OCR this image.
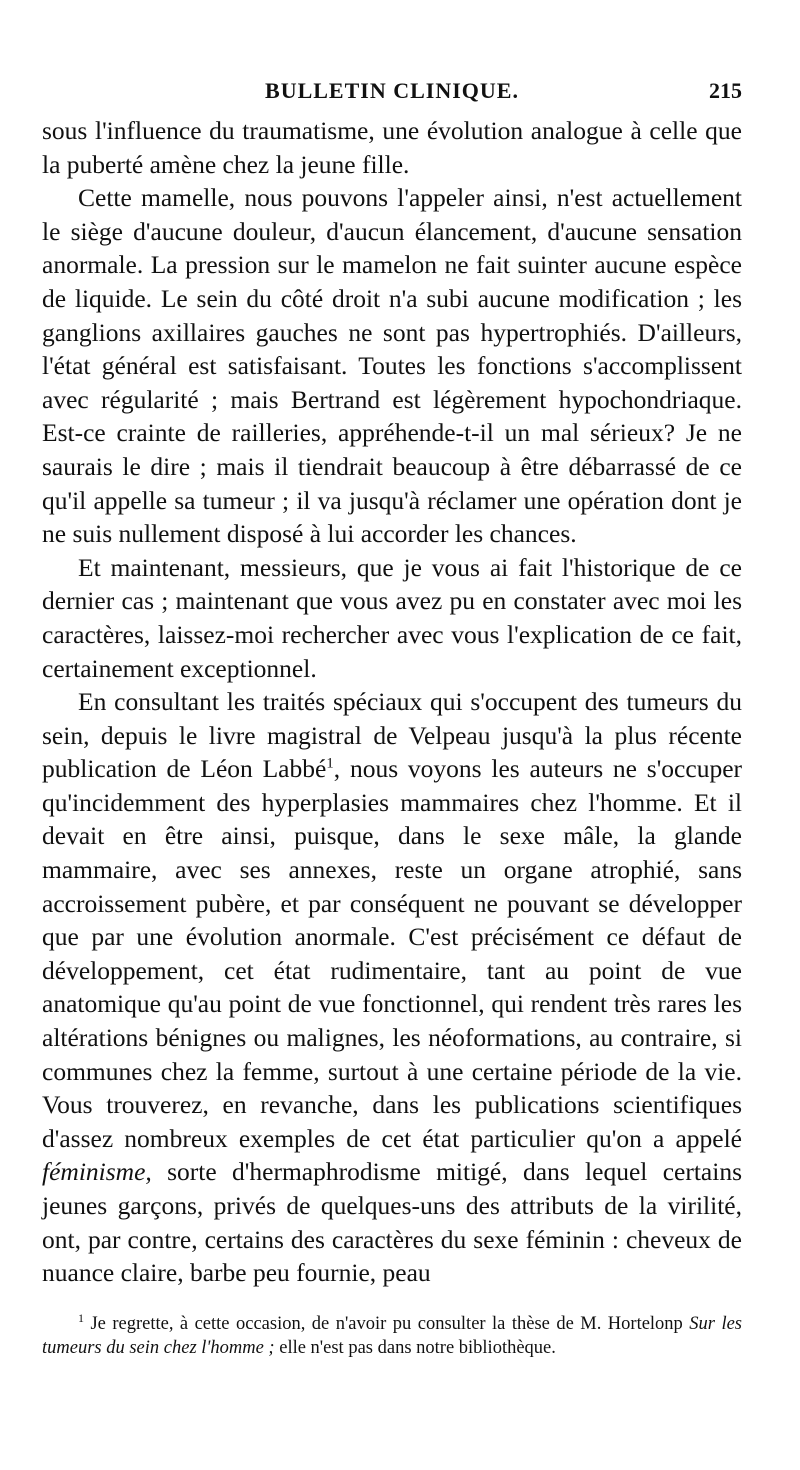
BULLETIN CLINIQUE.	215

sous l'influence du traumatisme, une évolution analogue à celle que la puberté amène chez la jeune fille.

Cette mamelle, nous pouvons l'appeler ainsi, n'est actuellement le siège d'aucune douleur, d'aucun élancement, d'aucune sensation anormale. La pression sur le mamelon ne fait suinter aucune espèce de liquide. Le sein du côté droit n'a subi aucune modification ; les ganglions axillaires gauches ne sont pas hypertrophiés. D'ailleurs, l'état général est satisfaisant. Toutes les fonctions s'accomplissent avec régularité ; mais Bertrand est légèrement hypochondriaque. Est-ce crainte de railleries, appréhende-t-il un mal sérieux? Je ne saurais le dire ; mais il tiendrait beaucoup à être débarrassé de ce qu'il appelle sa tumeur ; il va jusqu'à réclamer une opération dont je ne suis nullement disposé à lui accorder les chances.

Et maintenant, messieurs, que je vous ai fait l'historique de ce dernier cas ; maintenant que vous avez pu en constater avec moi les caractères, laissez-moi rechercher avec vous l'explication de ce fait, certainement exceptionnel.

En consultant les traités spéciaux qui s'occupent des tumeurs du sein, depuis le livre magistral de Velpeau jusqu'à la plus récente publication de Léon Labbé$^1$, nous voyons les auteurs ne s'occuper qu'incidemment des hyperplasies mammaires chez l'homme. Et il devait en être ainsi, puisque, dans le sexe mâle, la glande mammaire, avec ses annexes, reste un organe atrophié, sans accroissement pubère, et par conséquent ne pouvant se développer que par une évolution anormale. C'est précisément ce défaut de développement, cet état rudimentaire, tant au point de vue anatomique qu'au point de vue fonctionnel, qui rendent très rares les altérations bénignes ou malignes, les néoformations, au contraire, si communes chez la femme, surtout à une certaine période de la vie. Vous trouverez, en revanche, dans les publications scientifiques d'assez nombreux exemples de cet état particulier qu'on a appelé féminisme, sorte d'hermaphrodisme mitigé, dans lequel certains jeunes garçons, privés de quelques-uns des attributs de la virilité, ont, par contre, certains des caractères du sexe féminin : cheveux de nuance claire, barbe peu fournie, peau

$^1$ Je regrette, à cette occasion, de n'avoir pu consulter la thèse de M. Hortelonp Sur les tumeurs du sein chez l'homme ; elle n'est pas dans notre bibliothèque.
